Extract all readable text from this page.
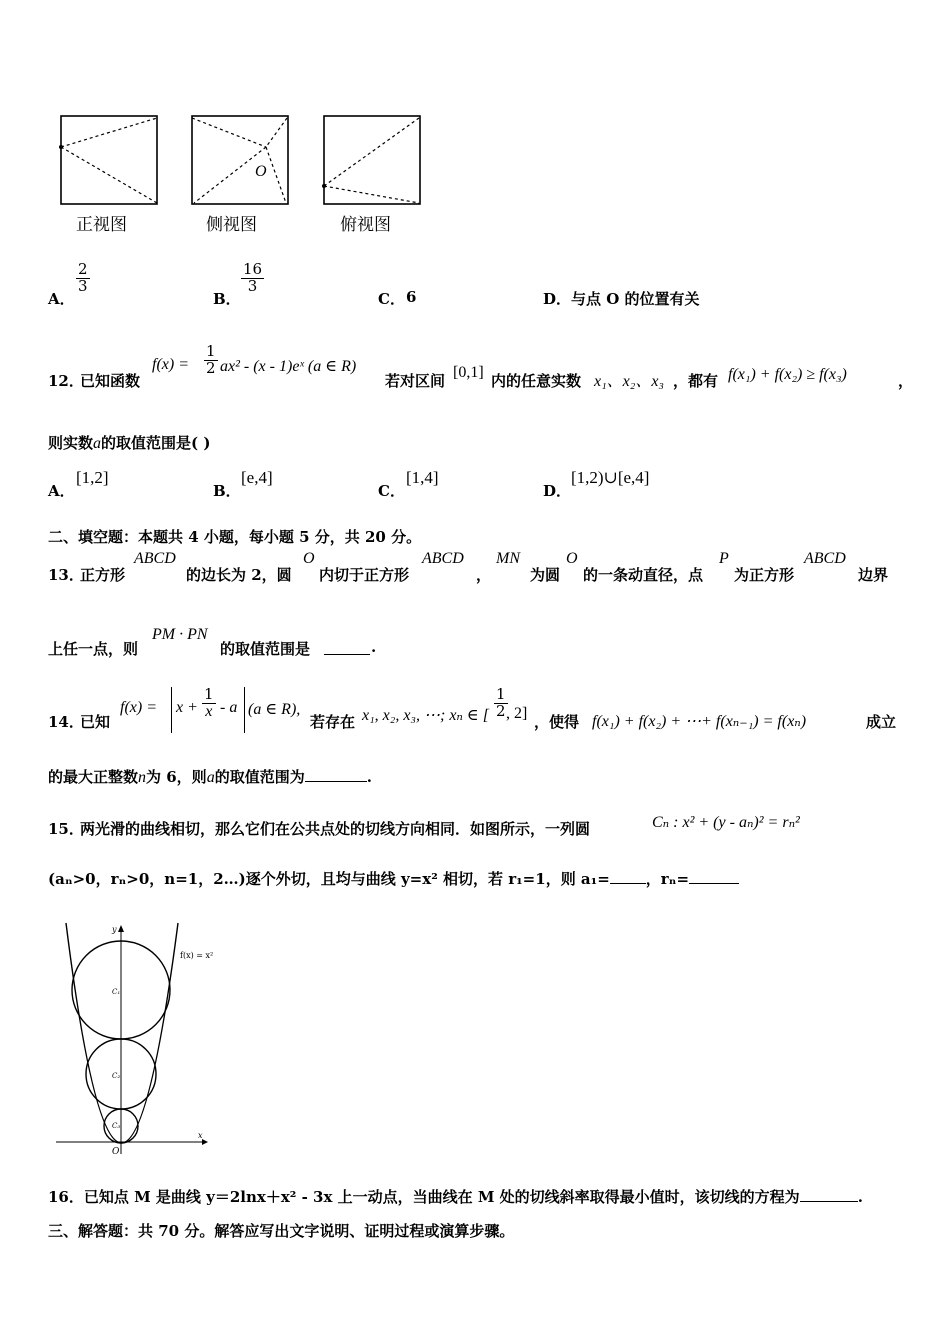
O
正视图	侧视图	俯视图
A．
$\frac{2}{3}$
B．
$\frac{16}{3}$
C． 6	D． 与点 O 的位置有关
12．
已知函数
$f(x) = \frac{1}{2} ax^2 - (x$ - 1)eˣ (a ∈ R)
若对区间 [0,1] 内的任意实数 x₁、x₂、x₃ ，都有 f(x₁) + f(x₂) ≥ f(x₃)	，
则实数a的取值范围是( )
A．
[1,2]
B．
[e,4]
C．
[1,4]
D．
[1,2)∪[e,4]
二、填空题：本题共 4 小题，每小题 5 分，共 20 分。
13．
正方形
ABCD
的边长为 2，圆
O
内切于正方形
ABCD
，
MN
为圆
O
的一条动直径，点
P
为正方形
ABCD
边界
上任一点，则
PM · PN
的取值范围是	.
14．
已知
$f(x) = x + \frac{1}{x} - a$ (a ∈ R),
若存在 x₁, x₂, x₃, ⋯; xₙ ∈ [ $\frac{1}{2}$
, 2] ，使得 f(x₁) + f(x₂) + ⋯+ f(xₙ₋₁) = f(xₙ)	成立
的最大正整数n为 6，则a的取值范围为	.
15．
两光滑的曲线相切，那么它们在公共点处的切线方向相同．如图所示，一列圆	Cₙ : x² + (y - aₙ)² = rₙ²
(aₙ>0，rₙ>0，n=1，2…)逐个外切，且均与曲线 y=x² 相切，若 r₁=1，则 a₁= ，rₙ=
x
y
O
f(x) = x²
C₁
C₂
C₃
16．已知点 M 是曲线 y＝2lnx＋x² ‑ 3x 上一动点，当曲线在 M 处的切线斜率取得最小值时，该切线的方程为	.
三、解答题：共 70 分。解答应写出文字说明、证明过程或演算步骤。
